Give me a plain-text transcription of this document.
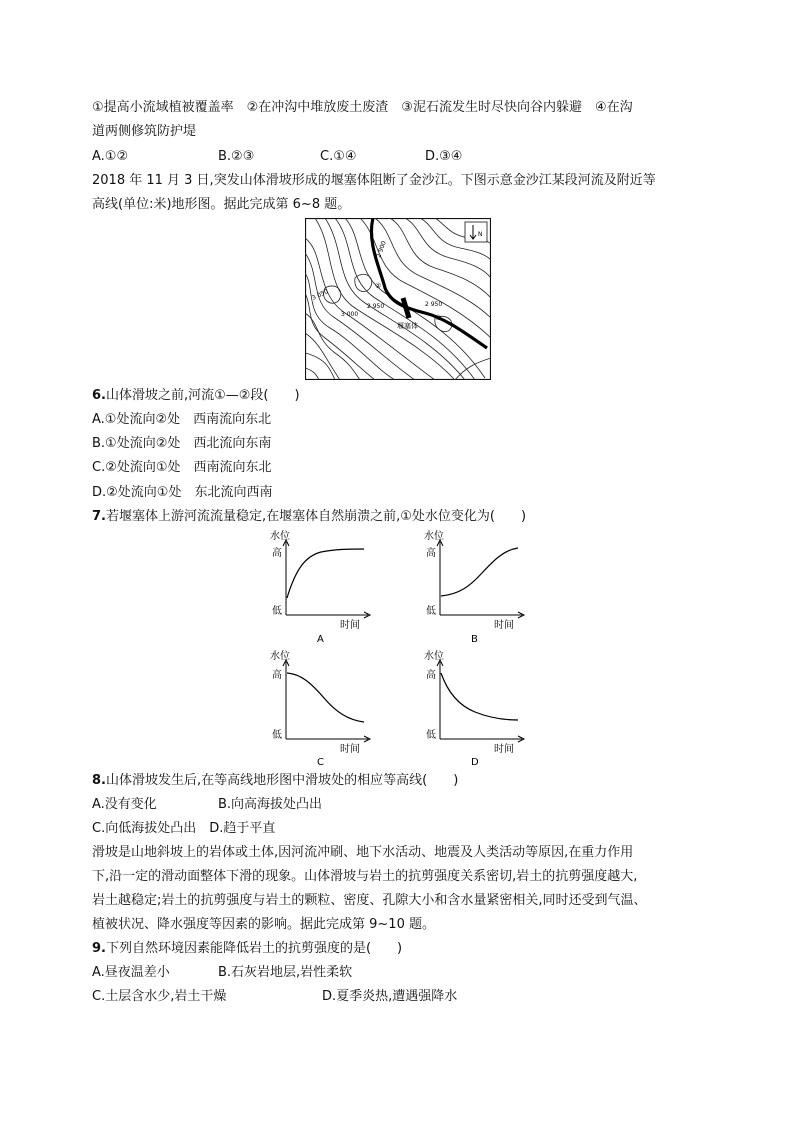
①提高小流域植被覆盖率　②在冲沟中堆放废土废渣　③泥石流发生时尽快向谷内躲避　④在沟
道两侧修筑防护堤
A.①②	B.②③	C.①④	D.③④
2018 年 11 月 3 日,突发山体滑坡形成的堰塞体阻断了金沙江。下图示意金沙江某段河流及附近等
高线(单位:米)地形图。据此完成第 6~8 题。
N
2 900
3 050
2 950	2 950
3 000
堰塞体
②
①
6.山体滑坡之前,河流①—②段(　　)
A.①处流向②处　西南流向东北
B.①处流向②处　西北流向东南
C.②处流向①处　西南流向东北
D.②处流向①处　东北流向西南
7.若堰塞体上游河流流量稳定,在堰塞体自然崩溃之前,①处水位变化为(　　)
水位
高
低
时间
A
水位
高
低
时间
B
水位
高
低
时间
C
水位
高
低
时间
D
8.山体滑坡发生后,在等高线地形图中滑坡处的相应等高线(　　)
A.没有变化	B.向高海拔处凸出
C.向低海拔处凸出　D.趋于平直
滑坡是山地斜坡上的岩体或土体,因河流冲刷、地下水活动、地震及人类活动等原因,在重力作用
下,沿一定的滑动面整体下滑的现象。山体滑坡与岩土的抗剪强度关系密切,岩土的抗剪强度越大,
岩土越稳定;岩土的抗剪强度与岩土的颗粒、密度、孔隙大小和含水量紧密相关,同时还受到气温、
植被状况、降水强度等因素的影响。据此完成第 9~10 题。
9.下列自然环境因素能降低岩土的抗剪强度的是(　　)
A.昼夜温差小	B.石灰岩地层,岩性柔软
C.土层含水少,岩土干燥	D.夏季炎热,遭遇强降水
